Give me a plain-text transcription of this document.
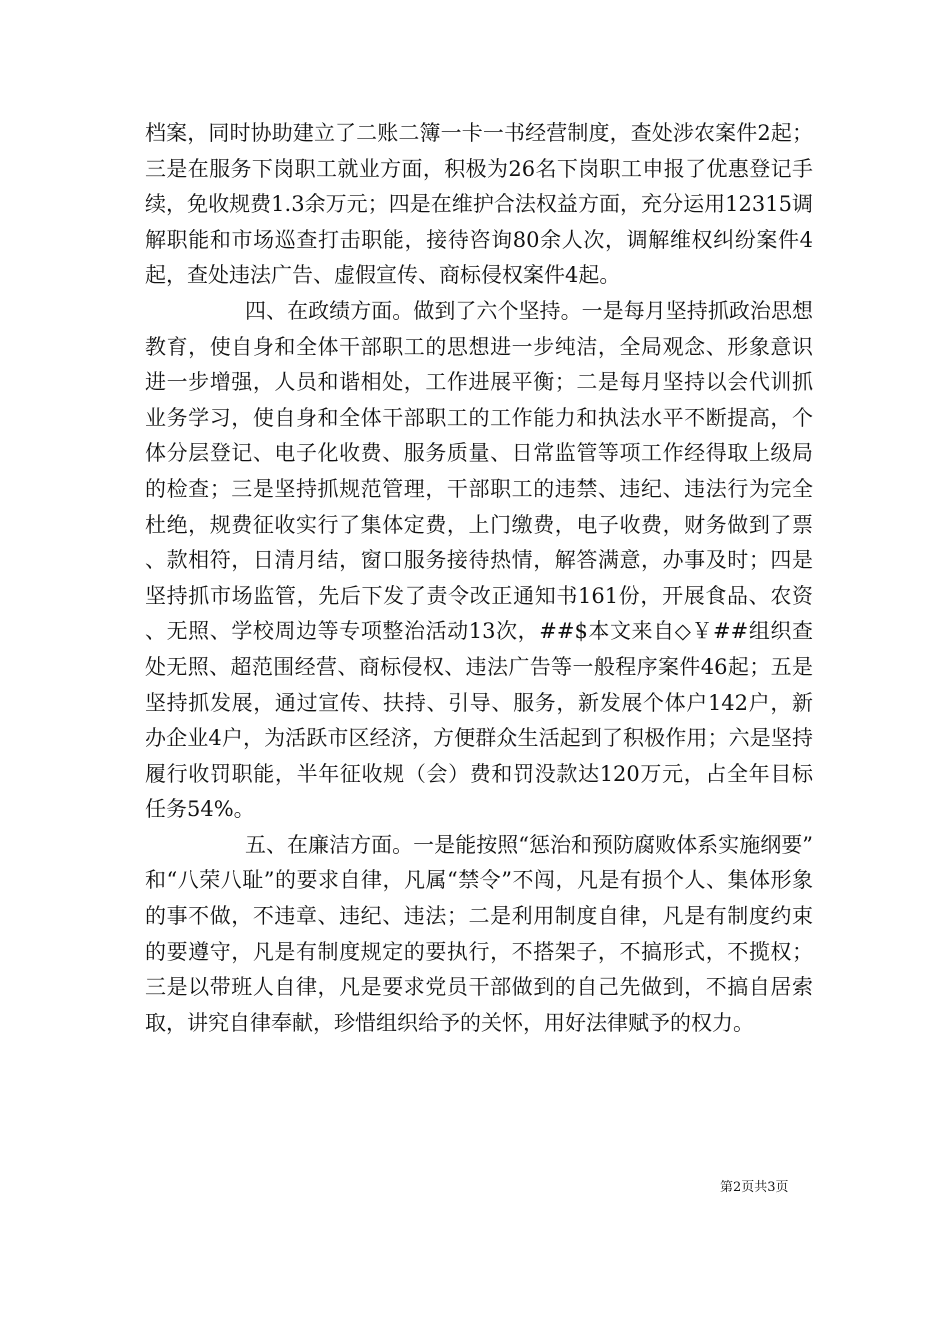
档案，同时协助建立了二账二簿一卡一书经营制度，查处涉农案件2起；三是在服务下岗职工就业方面，积极为26名下岗职工申报了优惠登记手续，免收规费1.3余万元；四是在维护合法权益方面，充分运用12315调解职能和市场巡查打击职能，接待咨询80余人次，调解维权纠纷案件4起，查处违法广告、虚假宣传、商标侵权案件4起。

四、在政绩方面。做到了六个坚持。一是每月坚持抓政治思想教育，使自身和全体干部职工的思想进一步纯洁，全局观念、形象意识进一步增强，人员和谐相处，工作进展平衡；二是每月坚持以会代训抓业务学习，使自身和全体干部职工的工作能力和执法水平不断提高，个体分层登记、电子化收费、服务质量、日常监管等项工作经得取上级局的检查；三是坚持抓规范管理，干部职工的违禁、违纪、违法行为完全杜绝，规费征收实行了集体定费，上门缴费，电子收费，财务做到了票、款相符，日清月结，窗口服务接待热情，解答满意，办事及时；四是坚持抓市场监管，先后下发了责令改正通知书161份，开展食品、农资、无照、学校周边等专项整治活动13次，##$本文来自◇￥##组织查处无照、超范围经营、商标侵权、违法广告等一般程序案件46起；五是坚持抓发展，通过宣传、扶持、引导、服务，新发展个体户142户，新办企业4户，为活跃市区经济，方便群众生活起到了积极作用；六是坚持履行收罚职能，半年征收规（会）费和罚没款达120万元，占全年目标任务54%。

五、在廉洁方面。一是能按照“惩治和预防腐败体系实施纲要”和“八荣八耻”的要求自律，凡属“禁令”不闯，凡是有损个人、集体形象的事不做，不违章、违纪、违法；二是利用制度自律，凡是有制度约束的要遵守，凡是有制度规定的要执行，不搭架子，不搞形式，不揽权；三是以带班人自律，凡是要求党员干部做到的自己先做到，不搞自居索取，讲究自律奉献，珍惜组织给予的关怀，用好法律赋予的权力。

第2页共3页
